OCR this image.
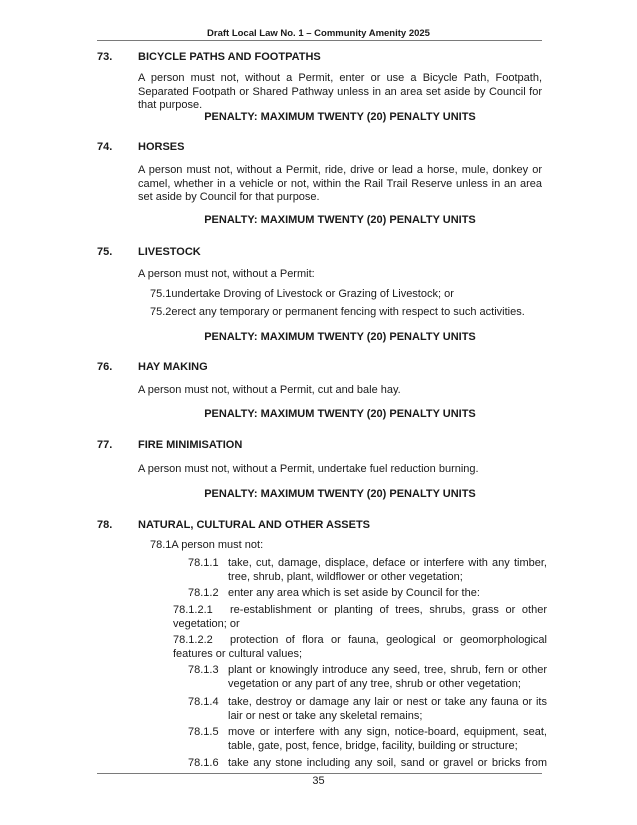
Draft Local Law No. 1 – Community Amenity 2025
73. BICYCLE PATHS AND FOOTPATHS
A person must not, without a Permit, enter or use a Bicycle Path, Footpath, Separated Footpath or Shared Pathway unless in an area set aside by Council for that purpose.
PENALTY: MAXIMUM TWENTY (20) PENALTY UNITS
74. HORSES
A person must not, without a Permit, ride, drive or lead a horse, mule, donkey or camel, whether in a vehicle or not, within the Rail Trail Reserve unless in an area set aside by Council for that purpose.
PENALTY: MAXIMUM TWENTY (20) PENALTY UNITS
75. LIVESTOCK
A person must not, without a Permit:
75.1undertake Droving of Livestock or Grazing of Livestock; or
75.2erect any temporary or permanent fencing with respect to such activities.
PENALTY: MAXIMUM TWENTY (20) PENALTY UNITS
76. HAY MAKING
A person must not, without a Permit, cut and bale hay.
PENALTY: MAXIMUM TWENTY (20) PENALTY UNITS
77. FIRE MINIMISATION
A person must not, without a Permit, undertake fuel reduction burning.
PENALTY: MAXIMUM TWENTY (20) PENALTY UNITS
78. NATURAL, CULTURAL AND OTHER ASSETS
78.1A person must not:
78.1.1 take, cut, damage, displace, deface or interfere with any timber, tree, shrub, plant, wildflower or other vegetation;
78.1.2 enter any area which is set aside by Council for the:
78.1.2.1	re-establishment or planting of trees, shrubs, grass or other vegetation; or
78.1.2.2	protection of flora or fauna, geological or geomorphological features or cultural values;
78.1.3 plant or knowingly introduce any seed, tree, shrub, fern or other vegetation or any part of any tree, shrub or other vegetation;
78.1.4 take, destroy or damage any lair or nest or take any fauna or its lair or nest or take any skeletal remains;
78.1.5 move or interfere with any sign, notice-board, equipment, seat, table, gate, post, fence, bridge, facility, building or structure;
78.1.6 take any stone including any soil, sand or gravel or bricks from
35
